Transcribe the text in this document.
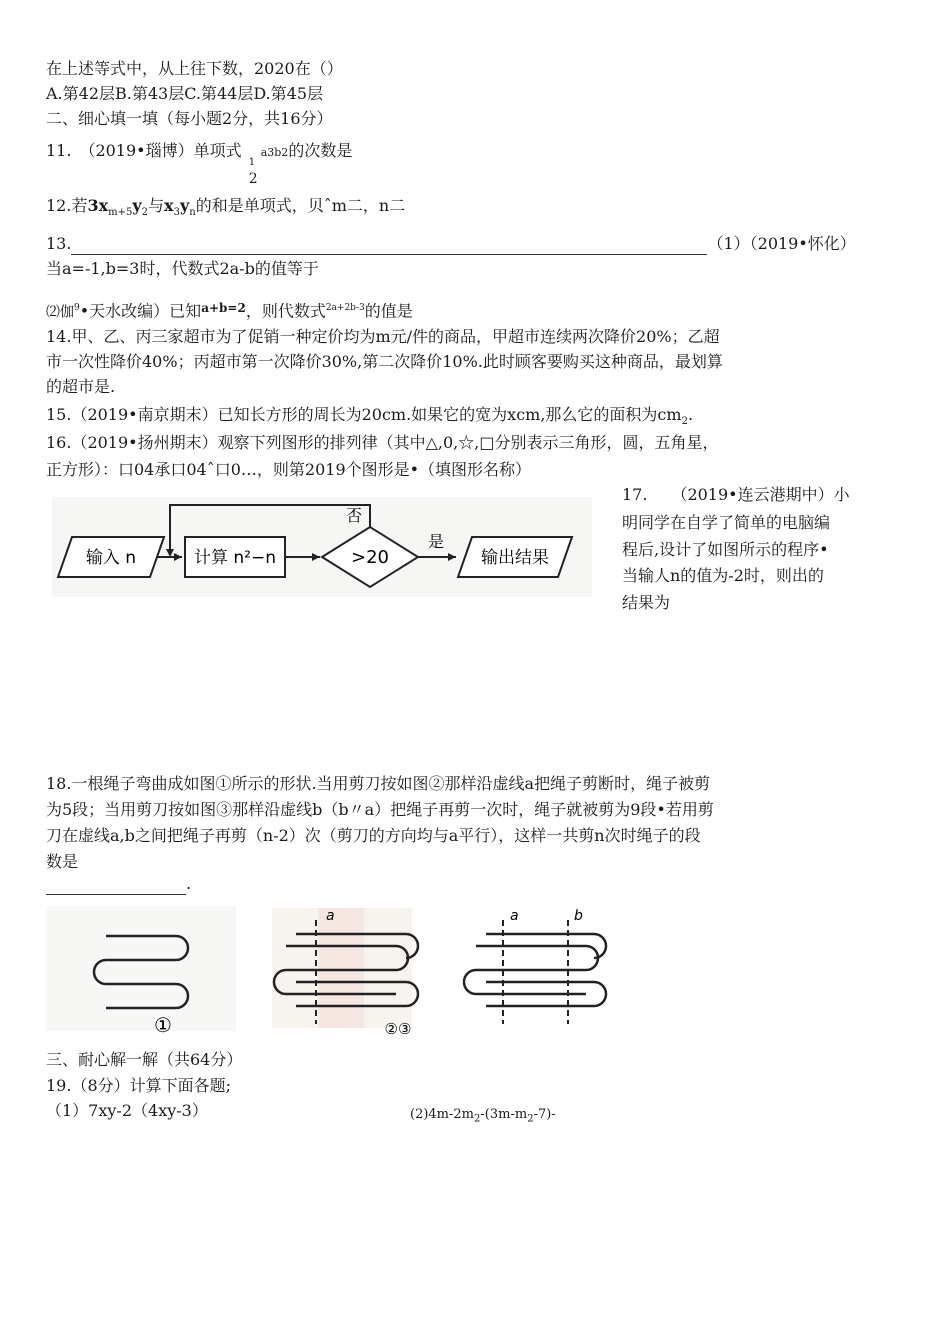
在上述等式中，从上往下数，2020在（）
A.第42层B.第43层C.第44层D.第45层
二、细心填一填（每小题2分，共16分）
11.　（2019•瑙博）单项式
1
2
a3b2的次数是
12.若$3x_{m+5}y_2$与$x_3y_n$的和是单项式，贝ˆm二，n二
13.	（1）（2019•怀化）
当a=-1,b=3时，代数式2a-b的值等于
⑵伽$^9$•天水改编）已知$^{a+b=2}$，则代数式$^{2a+2b-3}$的值是
14.甲、乙、丙三家超市为了促销一种定价均为m元/件的商品，甲超市连续两次降价20%；乙超
市一次性降价40%；丙超市第一次降价30%,第二次降价10%.此时顾客要购买这种商品，最划算
的超市是.
15.（2019•南京期末）已知长方形的周长为20cm.如果它的宽为xcm,那么它的面积为$cm_2$.
16.（2019•扬州期末）观察下列图形的排列律（其中△,0,☆,□分别表示三角形，圆，五角星，
正方形）：口04承口04ˆ口0…，则第2019个图形是•（填图形名称）
输入 n	计算 n²−n	>20
是
输出结果
否
17.　　（2019•连云港期中）小
明同学在自学了简单的电脑编
程后,设计了如图所示的程序•
当输人n的值为-2时，则出的
结果为
18.一根绳子弯曲成如图①所示的形状.当用剪刀按如图②那样沿虚线a把绳子剪断时，绳子被剪
为5段；当用剪刀按如图③那样沿虚线b（b〃a）把绳子再剪一次时，绳子就被剪为9段•若用剪
刀在虚线a,b之间把绳子再剪（n-2）次（剪刀的方向均与a平行），这样一共剪n次时绳子的段
数是
.
①
a	a	b
②③
三、耐心解一解（共64分）
19.（8分）计算下面各题;
（1）7xy-2（4xy-3）	$(2)4m-2m_2-(3m-m_2-7)-$
